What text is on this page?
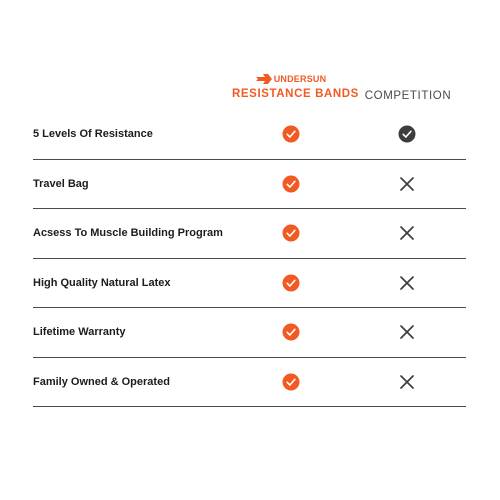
UNDERSUN
RESISTANCE BANDS COMPETITION
5 Levels Of Resistance
Travel Bag
Acsess To Muscle Building Program
High Quality Natural Latex
Lifetime Warranty
Family Owned & Operated
